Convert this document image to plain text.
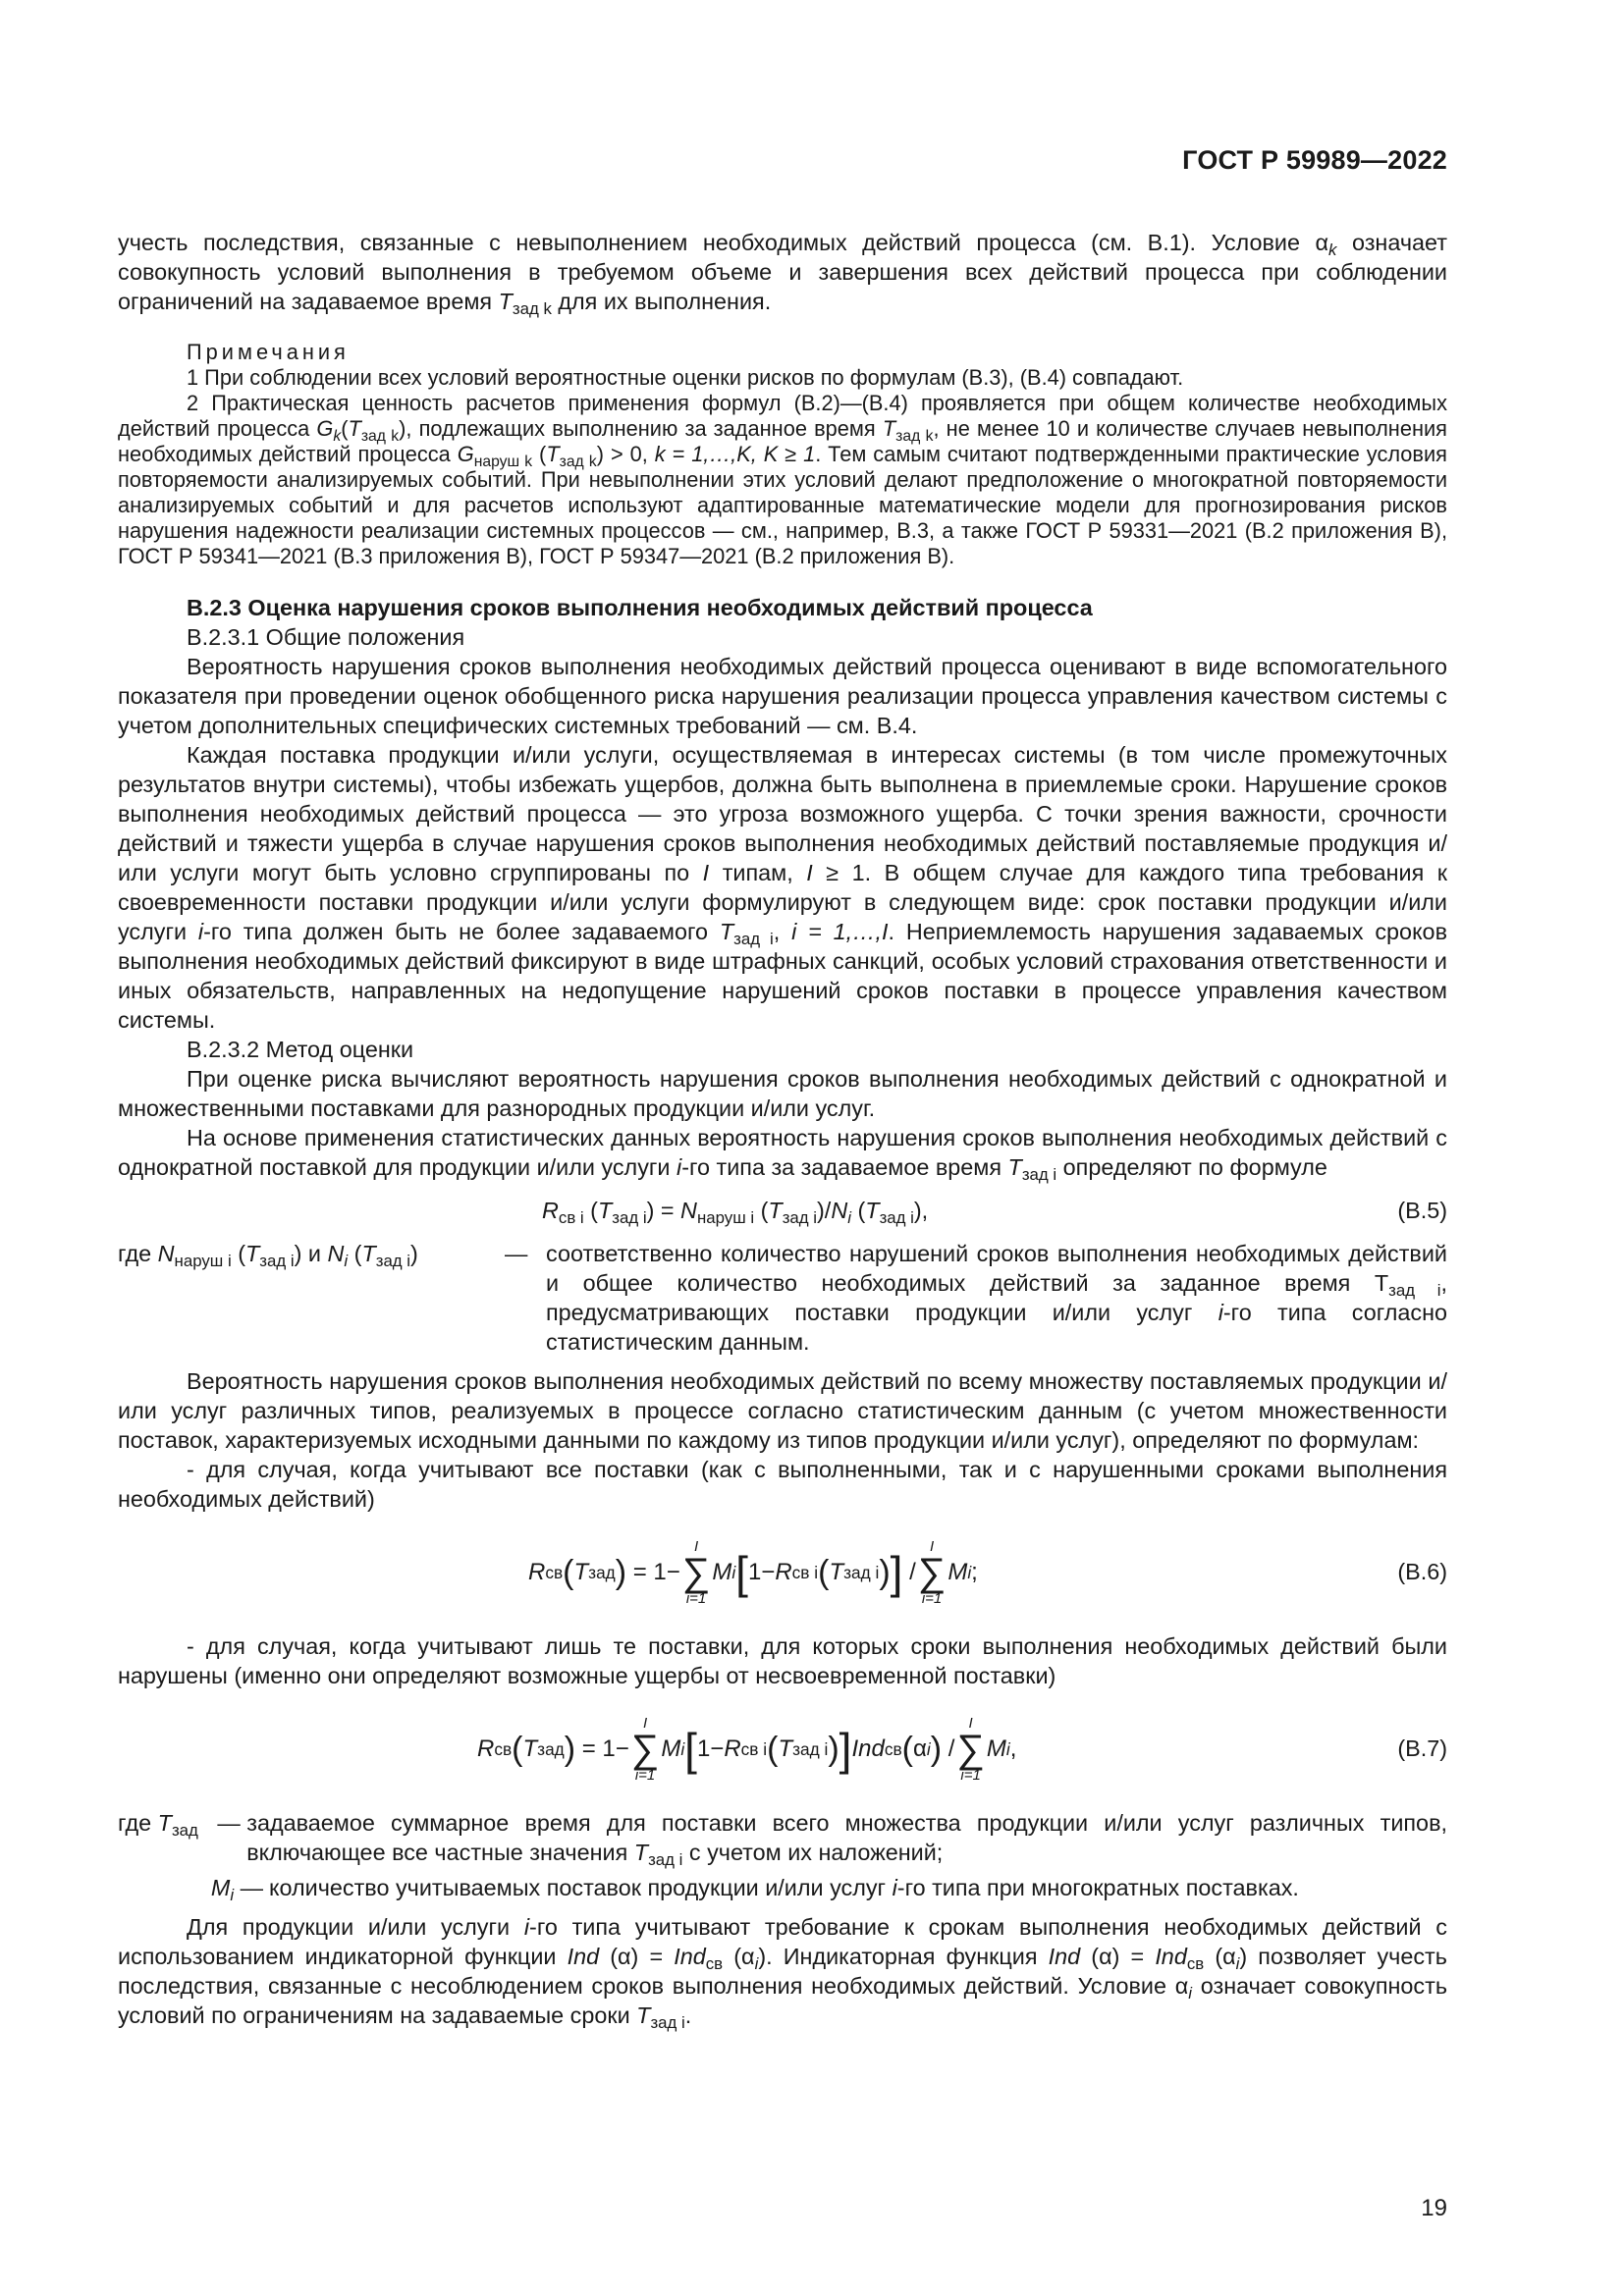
ГОСТ Р 59989—2022

учесть последствия, связанные с невыполнением необходимых действий процесса (см. В.1). Условие $\alpha_k$ означает совокупность условий выполнения в требуемом объеме и завершения всех действий процесса при соблюдении ограничений на задаваемое время $T_{зад k}$ для их выполнения.

Примечания

1 При соблюдении всех условий вероятностные оценки рисков по формулам (В.3), (В.4) совпадают.

2 Практическая ценность расчетов применения формул (В.2)—(В.4) проявляется при общем количестве необходимых действий процесса $G_k(T_{зад k})$, подлежащих выполнению за заданное время $T_{зад k}$, не менее 10 и количестве случаев невыполнения необходимых действий процесса $G_{наруш k}$ $(T_{зад k}) > 0$, k = 1,…,K, K ≥ 1. Тем самым считают подтвержденными практические условия повторяемости анализируемых событий. При невыполнении этих условий делают предположение о многократной повторяемости анализируемых событий и для расчетов используют адаптированные математические модели для прогнозирования рисков нарушения надежности реализации системных процессов — см., например, В.3, а также ГОСТ Р 59331—2021 (В.2 приложения В), ГОСТ Р 59341—2021 (В.3 приложения В), ГОСТ Р 59347—2021 (В.2 приложения В).

В.2.3 Оценка нарушения сроков выполнения необходимых действий процесса

В.2.3.1 Общие положения

Вероятность нарушения сроков выполнения необходимых действий процесса оценивают в виде вспомогательного показателя при проведении оценок обобщенного риска нарушения реализации процесса управления качеством системы с учетом дополнительных специфических системных требований — см. В.4.

Каждая поставка продукции и/или услуги, осуществляемая в интересах системы (в том числе промежуточных результатов внутри системы), чтобы избежать ущербов, должна быть выполнена в приемлемые сроки. Нарушение сроков выполнения необходимых действий процесса — это угроза возможного ущерба. С точки зрения важности, срочности действий и тяжести ущерба в случае нарушения сроков выполнения необходимых действий поставляемые продукция и/или услуги могут быть условно сгруппированы по I типам, I ≥ 1. В общем случае для каждого типа требования к своевременности поставки продукции и/или услуги формулируют в следующем виде: срок поставки продукции и/или услуги i-го типа должен быть не более задаваемого $T_{зад i}$, i = 1,…,I. Неприемлемость нарушения задаваемых сроков выполнения необходимых действий фиксируют в виде штрафных санкций, особых условий страхования ответственности и иных обязательств, направленных на недопущение нарушений сроков поставки в процессе управления качеством системы.

В.2.3.2 Метод оценки

При оценке риска вычисляют вероятность нарушения сроков выполнения необходимых действий с однократной и множественными поставками для разнородных продукции и/или услуг.

На основе применения статистических данных вероятность нарушения сроков выполнения необходимых действий с однократной поставкой для продукции и/или услуги i-го типа за задаваемое время $T_{зад i}$ определяют по формуле

$R_{св i}$ $(T_{зад i}) = N_{наруш i}$ $(T_{зад i})/N_i$ $(T_{зад i})$,	(В.5)
где $N_{наруш i}$ $(T_{зад i})$ и $N_i$ $(T_{зад i})$	— соответственно количество нарушений сроков выполнения необходимых действий и общее количество необходимых действий за заданное время $Т_{зад i}$, предусматривающих поставки продукции и/или услуг i-го типа согласно статистическим данным.

Вероятность нарушения сроков выполнения необходимых действий по всему множеству поставляемых продукции и/или услуг различных типов, реализуемых в процессе согласно статистическим данным (с учетом множественности поставок, характеризуемых исходными данными по каждому из типов продукции и/или услуг), определяют по формулам:

- для случая, когда учитывают все поставки (как с выполненными, так и с нарушенными сроками выполнения необходимых действий)

R св ( T зад )
= 1−
I
∑
i=1
M i [ 1− R св i ( T зад i ) ]
/
I
∑
i=1
M i ;	(В.6)

- для случая, когда учитывают лишь те поставки, для которых сроки выполнения необходимых действий были нарушены (именно они определяют возможные ущербы от несвоевременной поставки)

R св ( T зад )
= 1−
I
∑
i=1
M i [ 1− R св i ( T зад i ) ] Ind св ( α i )
/
I
∑
i=1
M i ,	(В.7)
где $T_{зад}$ — задаваемое суммарное время для поставки всего множества продукции и/или услуг различных типов, включающее все частные значения $T_{зад i}$ с учетом их наложений;
$M_i$ — количество учитываемых поставок продукции и/или услуг i-го типа при многократных поставках.

Для продукции и/или услуги i-го типа учитывают требование к срокам выполнения необходимых действий с использованием индикаторной функции Ind (α) = Ind$_{св}$ $(\alpha_i)$. Индикаторная функция Ind (α) = Ind$_{св}$ $(\alpha_i)$ позволяет учесть последствия, связанные с несоблюдением сроков выполнения необходимых действий. Условие $\alpha_i$ означает совокупность условий по ограничениям на задаваемые сроки $T_{зад i}$.

19
